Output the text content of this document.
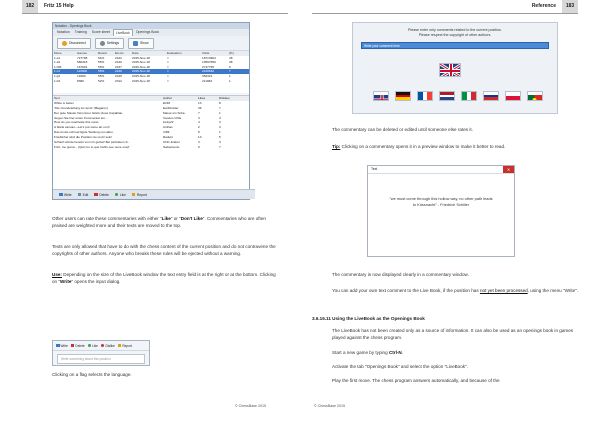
182	Fritz 15 Help
Notation - Openings Book
Notation	Training	Score sheet	LiveBook	Openings Book
Disconnect	Settings	Show
Move	Games	Result	Elo Av	Date	Evaluation	Visits	[%]
1.e4	727798	54%	2422	2015-Nov-18	=	18713904	48
1.d4	580318	55%	2440	2015-Nov-18	=	10597850	38
1.Nf3	167691	55%	2437	2015-Nov-18	=	2747765	6
1.c4	116000	55%	2446	2015-Nov-18	=	2440640	7
1.g3	14690	55%	2445	2015-Nov-18	=	352321	1
1.b3	8380	52%	2312	2015-Nov-18	=	211084	1
Text	Author	Likes	Dislikes
White is better	EOM	13	8
"Die Grundstellung ist remis" (Bagarov)	Earthtrader	36	7
Der gute Spieler hat immer Glück (José Capablan..	Masur ein Scha..	7	1
Gegen Sie hier einen Kommentar ein...	Voodoo Chile	3	4
How do you reactivate this mess	lucky22	4	3
A blank canvas---Let's put some art on it!	Anthas	2	3
Das ist die schmerzigste Stellung von allen.	rrt89	5	1
Friedlicher wird die Position nie mehr sein!	Radunt	13	5
Schach würde bereits von mir gelöst! Bei perfektem S..	CNC-Fraber	3	3
Fritz, me guma... (Quit mo to que hahís oue oune oua)"	Salvamento	0	7
Write	Edit	Delete	Like	Report
Other users can rate these commentaries with either "Like" or "Don't Like". Commentaries who are often praised are weighted more and their texts are moved to the top.
Texts are only allowed that have to do with the chess content of the current position and do not contravene the copyrights of other authors. Anyone who breaks these rules will be ejected without a warning.
Use: Depending on the size of the LiveBook window the text entry field is at the right or at the bottom. Clicking on "Write" opens the input dialog.
Write Delete Like Dislike Report
Write something about this position
Clicking on a flag selects the language.
© ChessBase 2015
Reference	183
© ChessBase 2015
Please enter only comments related to the current position.
Please respect the copyright of other authors.
Write your comment here
The commentary can be deleted or edited until someone else rates it.
Tip: Clicking on a commentary opens it in a preview window to make it better to read.
Text	✕
"we must come through this hollow way, no other path leads to Küssnacht" - Friedrich Schiller
The commentary is now displayed clearly in a commentary window.
You can add your own text comment to the Live Book, if the position has not yet been processed, using the menu "Write".
3.6.16.11 Using the LiveBook as the Openings Book
The LiveBook has not been created only as a source of information. It can also be used as an openings book in games played against the chess program.
Start a new game by typing Ctrl-N.
Activate the tab "Openings Book" and select the option "LiveBook".
Play the first move. The chess program answers automatically, and because of the
